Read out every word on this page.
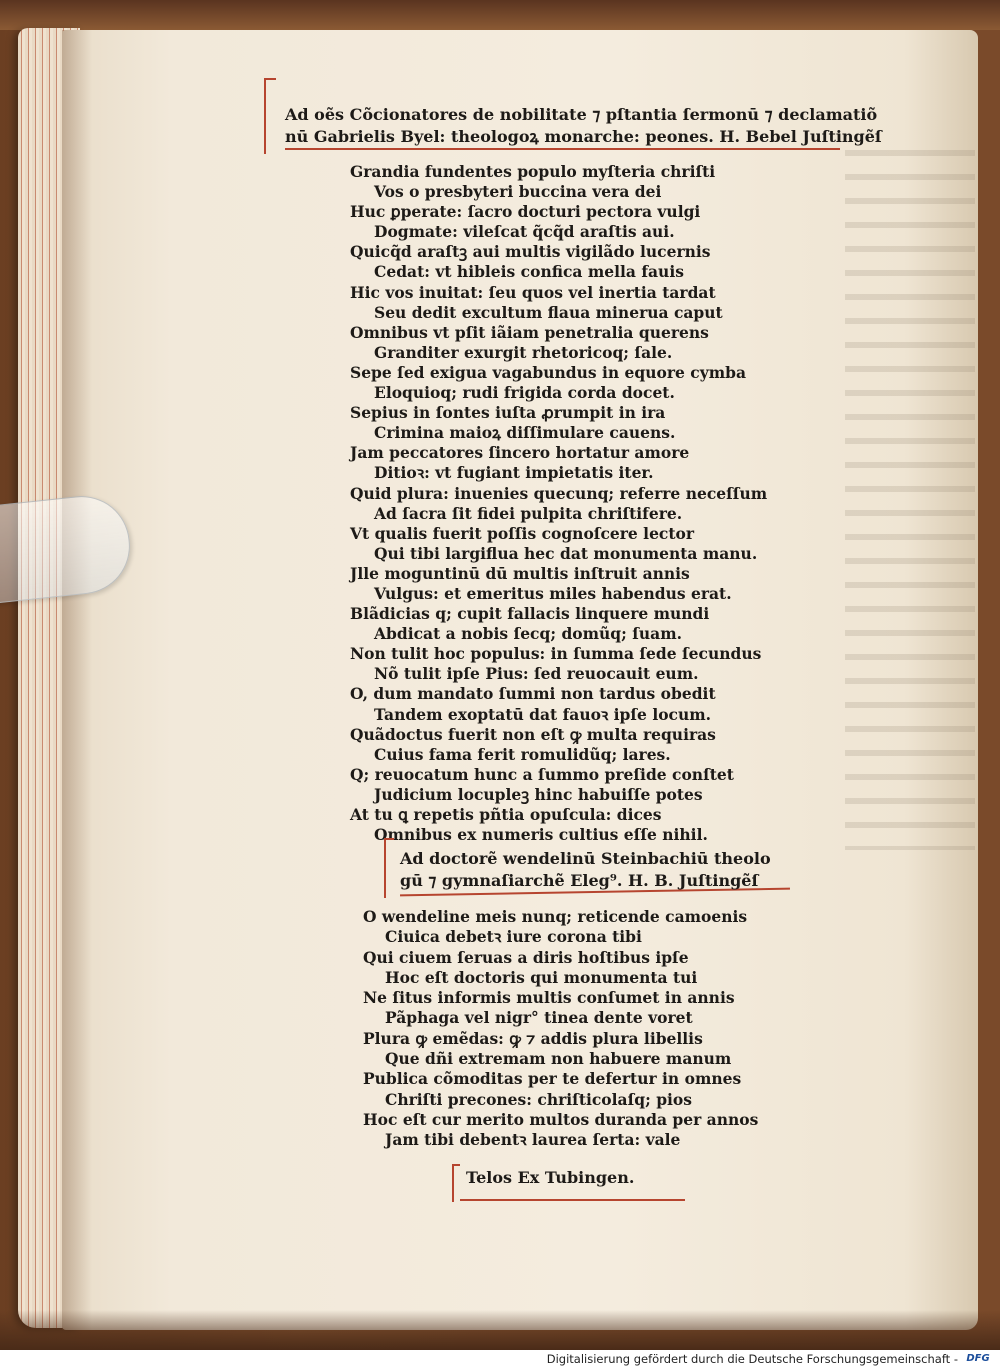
Ad oẽs Cõcionatores de nobilitate ⁊ pſtantia ſermonū ⁊ declamatiõ
nū Gabrielis Byel: theologoꝝ monarche: peones. H. Bebel Juſtingẽſ
Grandia fundentes populo myſteria chriſti
Vos o presbyteri buccina vera dei
Huc ꝑperate: ſacro docturi pectora vulgi
Dogmate: vileſcat q̃cq̃d araſtis aui.
Quicq̃d araſtꝫ aui multis vigilãdo lucernis
Cedat: vt hibleis confica mella fauis
Hic vos inuitat: ſeu quos vel inertia tardat
Seu dedit excultum flaua minerua caput
Omnibus vt pſit iãiam penetralia querens
Granditer exurgit rhetoricoq; ſale.
Sepe ſed exigua vagabundus in equore cymba
Eloquioq; rudi frigida corda docet.
Sepius in ſontes iuſta ꝓrumpit in ira
Crimina maioꝝ diſſimulare cauens.
Jam peccatores ſincero hortatur amore
Ditioꝛ: vt fugiant impietatis iter.
Quid plura: inuenies quecunq; referre neceſſum
Ad ſacra ſit fidei pulpita chriſtifere.
Vt qualis fuerit poſſis cognoſcere lector
Qui tibi largiflua hec dat monumenta manu.
Jlle moguntinū dū multis inſtruit annis
Vulgus: et emeritus miles habendus erat.
Blãdicias q; cupit fallacis linquere mundi
Abdicat a nobis ſecq; domũq; ſuam.
Non tulit hoc populus: in ſumma ſede ſecundus
Nõ tulit ipſe Pius: ſed reuocauit eum.
O, dum mandato ſummi non tardus obedit
Tandem exoptatū dat fauoꝛ ipſe locum.
Quãdoctus fuerit non eſt ꝙ multa requiras
Cuius fama ferit romulidũq; lares.
Q; reuocatum hunc a ſummo preſide conſtet
Judicium locupleꝫ hinc habuiſſe potes
At tu ꝗ repetis pñtia opuſcula: dices
Omnibus ex numeris cultius eſſe nihil.
Ad doctorẽ wendelinū Steinbachiū theolo
gū ⁊ gymnaſiarchẽ Eleg⁹. H. B. Juſtingẽſ
O wendeline meis nunq; reticende camoenis
Ciuica debetꝛ iure corona tibi
Qui ciuem ſeruas a diris hoſtibus ipſe
Hoc eſt doctoris qui monumenta tui
Ne ſitus informis multis conſumet in annis
Pãphaga vel nigr° tinea dente voret
Plura ꝙ emẽdas: ꝙ ⁊ addis plura libellis
Que dñi extremam non habuere manum
Publica cõmoditas per te defertur in omnes
Chriſti precones: chriſticolaſq; pios
Hoc eſt cur merito multos duranda per annos
Jam tibi debentꝛ laurea ſerta: vale
Telos Ex Tubingen.
Digitalisierung gefördert durch die Deutsche Forschungsgemeinschaft - DFG
